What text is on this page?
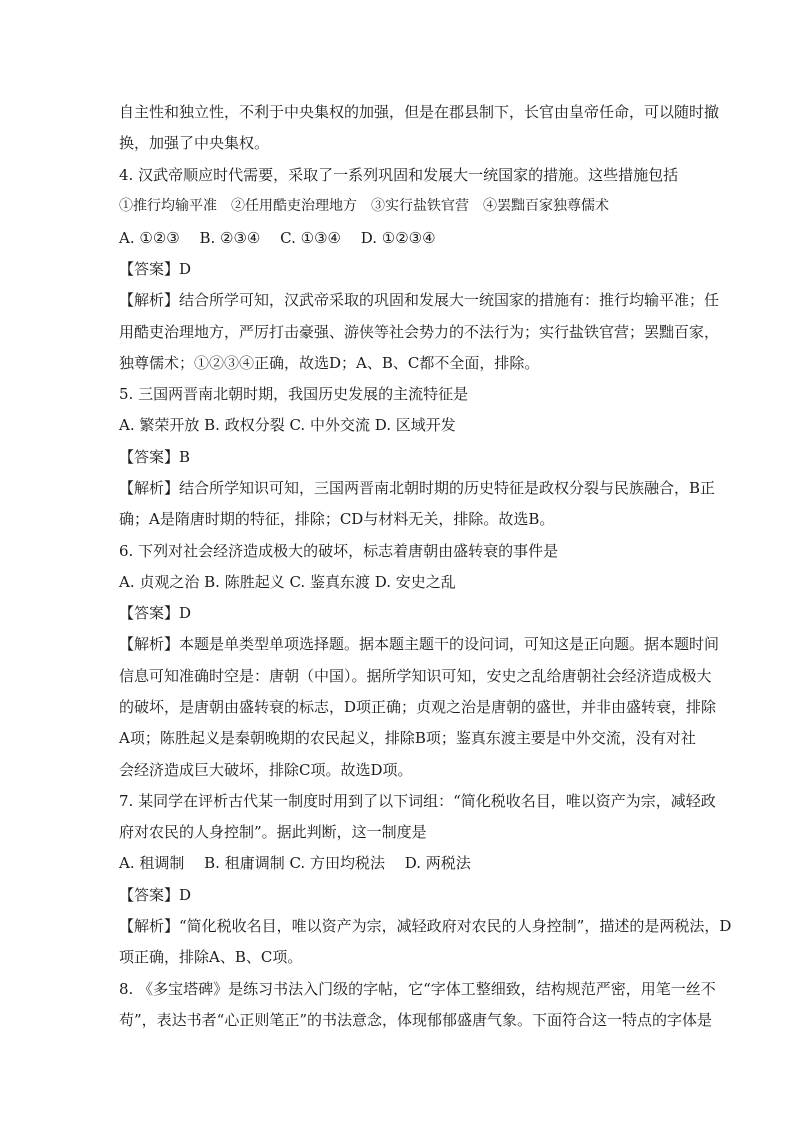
自主性和独立性，不利于中央集权的加强，但是在郡县制下，长官由皇帝任命，可以随时撤
换，加强了中央集权。
4. 汉武帝顺应时代需要，采取了一系列巩固和发展大一统国家的措施。这些措施包括
①推行均输平准　②任用酷吏治理地方　③实行盐铁官营　④罢黜百家独尊儒术
A. ①②③　 B. ②③④　 C. ①③④　 D. ①②③④
【答案】D
【解析】结合所学可知，汉武帝采取的巩固和发展大一统国家的措施有：推行均输平准；任
用酷吏治理地方，严厉打击豪强、游侠等社会势力的不法行为；实行盐铁官营；罢黜百家，
独尊儒术；①②③④正确，故选D；A、B、C都不全面，排除。
5. 三国两晋南北朝时期，我国历史发展的主流特征是
A. 繁荣开放 B. 政权分裂 C. 中外交流 D. 区域开发
【答案】B
【解析】结合所学知识可知，三国两晋南北朝时期的历史特征是政权分裂与民族融合，B正
确；A是隋唐时期的特征，排除；CD与材料无关，排除。故选B。
6. 下列对社会经济造成极大的破坏，标志着唐朝由盛转衰的事件是
A. 贞观之治 B. 陈胜起义 C. 鉴真东渡 D. 安史之乱
【答案】D
【解析】本题是单类型单项选择题。据本题主题干的设问词，可知这是正向题。据本题时间
信息可知准确时空是：唐朝（中国）。据所学知识可知，安史之乱给唐朝社会经济造成极大
的破坏，是唐朝由盛转衰的标志，D项正确；贞观之治是唐朝的盛世，并非由盛转衰，排除
A项；陈胜起义是秦朝晚期的农民起义，排除B项；鉴真东渡主要是中外交流，没有对社
会经济造成巨大破坏，排除C项。故选D项。
7. 某同学在评析古代某一制度时用到了以下词组：“简化税收名目，唯以资产为宗，减轻政
府对农民的人身控制”。据此判断，这一制度是
A. 租调制　 B. 租庸调制 C. 方田均税法　 D. 两税法
【答案】D
【解析】“简化税收名目，唯以资产为宗，减轻政府对农民的人身控制”，描述的是两税法，D
项正确，排除A、B、C项。
8. 《多宝塔碑》是练习书法入门级的字帖，它“字体工整细致，结构规范严密，用笔一丝不
苟”，表达书者“心正则笔正”的书法意念，体现郁郁盛唐气象。下面符合这一特点的字体是
